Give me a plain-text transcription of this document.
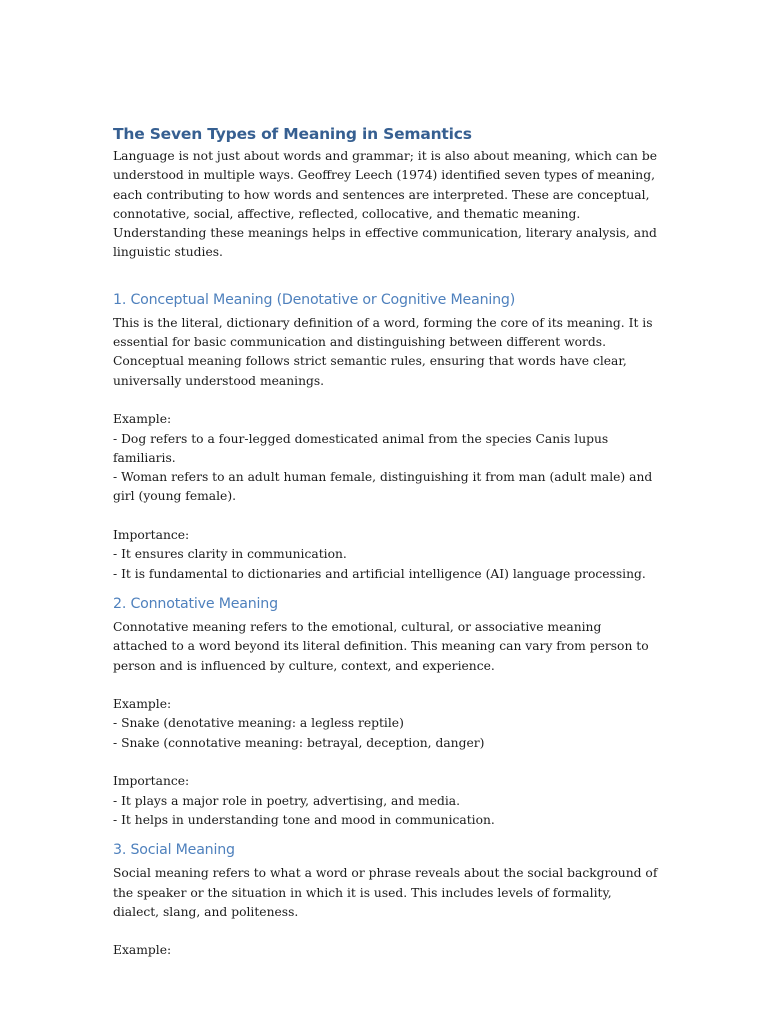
The Seven Types of Meaning in Semantics

Language is not just about words and grammar; it is also about meaning, which can be understood in multiple ways. Geoffrey Leech (1974) identified seven types of meaning, each contributing to how words and sentences are interpreted. These are conceptual, connotative, social, affective, reflected, collocative, and thematic meaning. Understanding these meanings helps in effective communication, literary analysis, and linguistic studies.

1. Conceptual Meaning (Denotative or Cognitive Meaning)

This is the literal, dictionary definition of a word, forming the core of its meaning. It is essential for basic communication and distinguishing between different words. Conceptual meaning follows strict semantic rules, ensuring that words have clear, universally understood meanings.

Example:
- Dog refers to a four-legged domesticated animal from the species Canis lupus familiaris.
- Woman refers to an adult human female, distinguishing it from man (adult male) and girl (young female).
Importance:
- It ensures clarity in communication.
- It is fundamental to dictionaries and artificial intelligence (AI) language processing.
2. Connotative Meaning

Connotative meaning refers to the emotional, cultural, or associative meaning attached to a word beyond its literal definition. This meaning can vary from person to person and is influenced by culture, context, and experience.

Example:
- Snake (denotative meaning: a legless reptile)
- Snake (connotative meaning: betrayal, deception, danger)
Importance:
- It plays a major role in poetry, advertising, and media.
- It helps in understanding tone and mood in communication.
3. Social Meaning

Social meaning refers to what a word or phrase reveals about the social background of the speaker or the situation in which it is used. This includes levels of formality, dialect, slang, and politeness.

Example:
